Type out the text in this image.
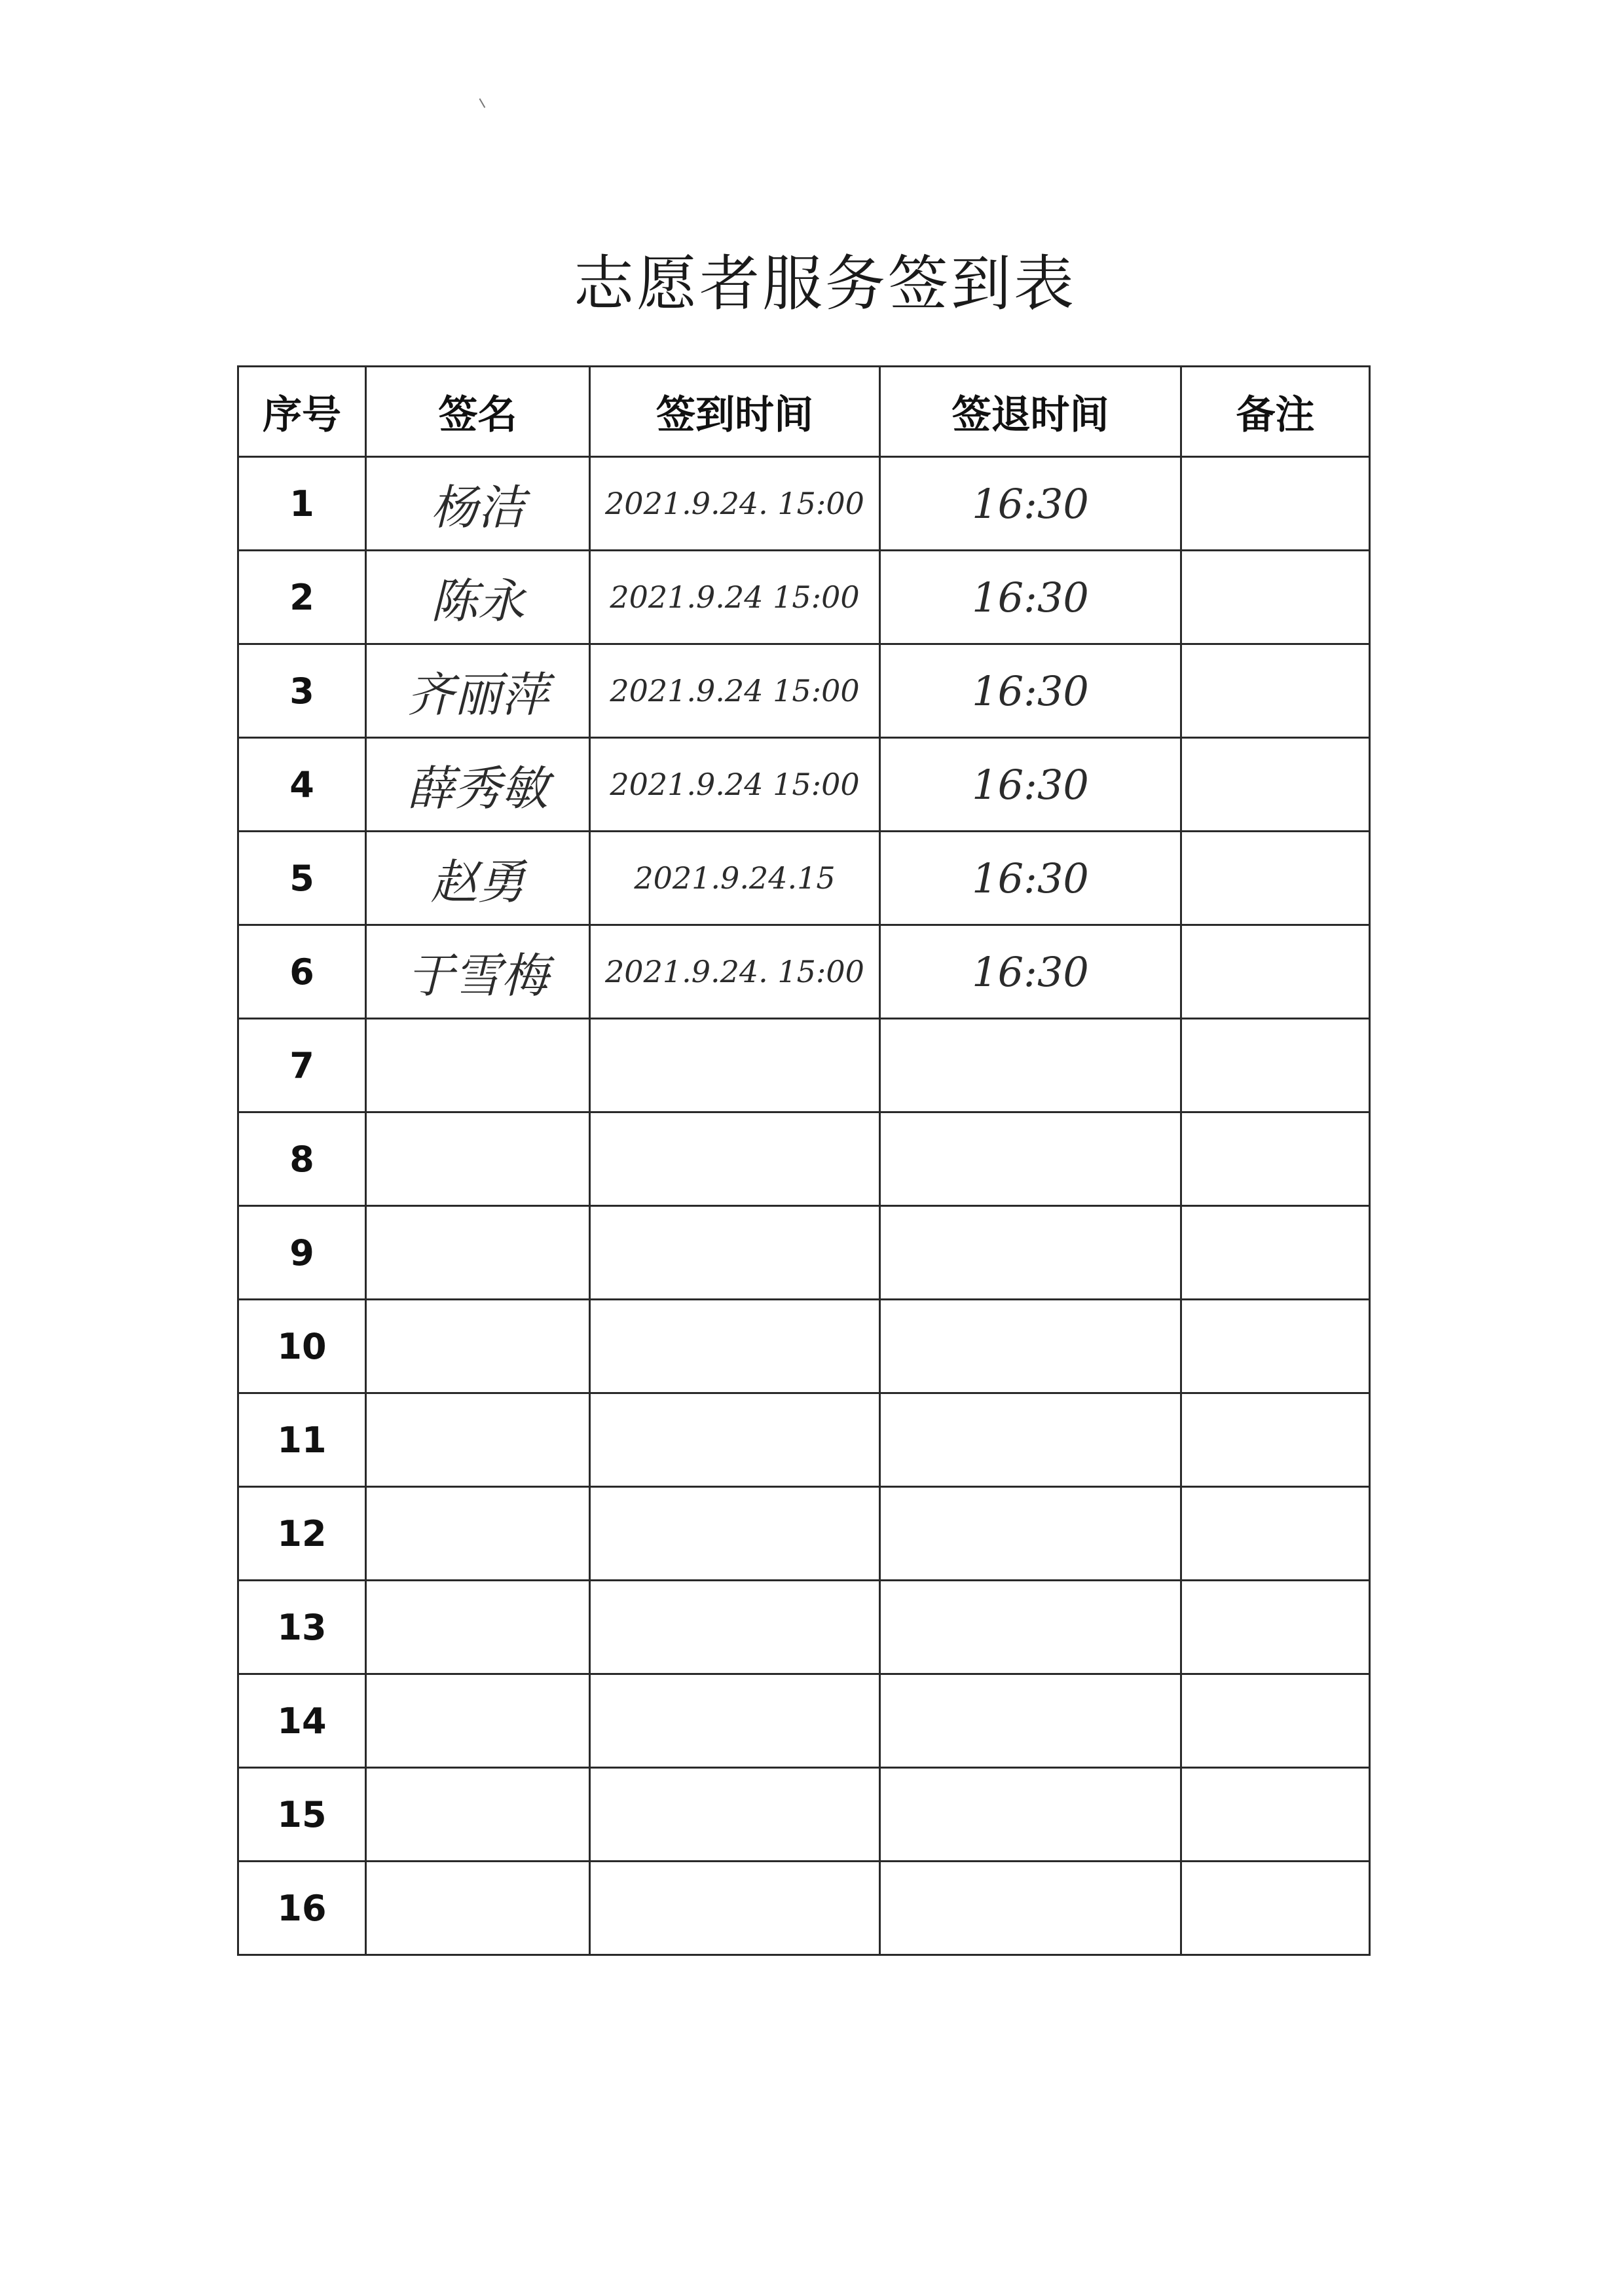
志愿者服务签到表
序号	签名	签到时间	签退时间	备注
1	杨洁	2021.9.24. 15:00	16:30	
2	陈永	2021.9.24 15:00	16:30	
3	齐丽萍	2021.9.24 15:00	16:30	
4	薛秀敏	2021.9.24 15:00	16:30	
5	赵勇	2021.9.24.15	16:30	
6	于雪梅	2021.9.24. 15:00	16:30	
7				
8				
9				
10				
11				
12				
13				
14				
15				
16				
